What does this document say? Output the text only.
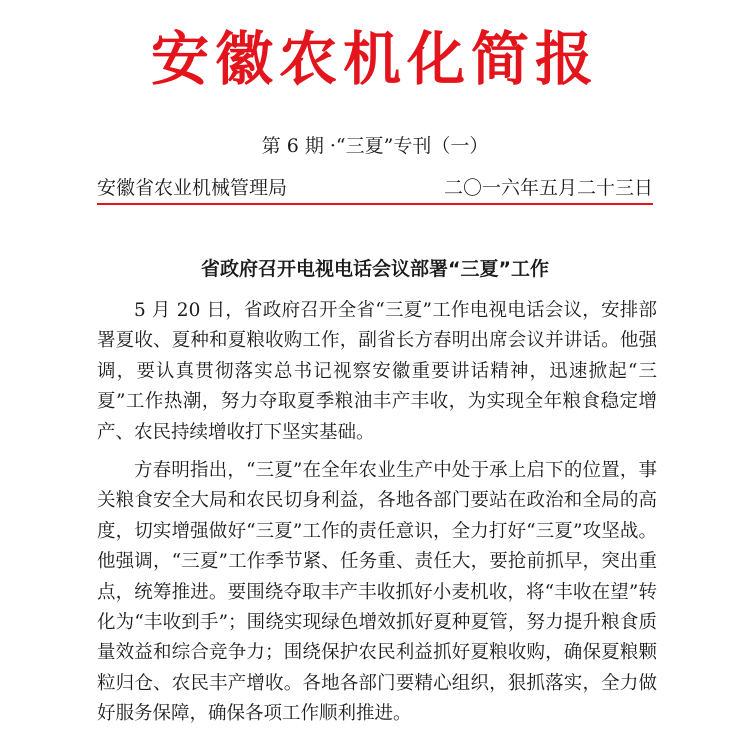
安徽农机化简报
第 6 期 ·“三夏”专刊（一）
安徽省农业机械管理局	二〇一六年五月二十三日
省政府召开电视电话会议部署“三夏”工作

5 月 20 日，省政府召开全省“三夏”工作电视电话会议，安排部署夏收、夏种和夏粮收购工作，副省长方春明出席会议并讲话。他强调，要认真贯彻落实总书记视察安徽重要讲话精神，迅速掀起“三夏”工作热潮，努力夺取夏季粮油丰产丰收，为实现全年粮食稳定增产、农民持续增收打下坚实基础。

方春明指出，“三夏”在全年农业生产中处于承上启下的位置，事关粮食安全大局和农民切身利益，各地各部门要站在政治和全局的高度，切实增强做好“三夏”工作的责任意识，全力打好“三夏”攻坚战。他强调，“三夏”工作季节紧、任务重、责任大，要抢前抓早，突出重点，统筹推进。要围绕夺取丰产丰收抓好小麦机收，将“丰收在望”转化为“丰收到手”；围绕实现绿色增效抓好夏种夏管，努力提升粮食质量效益和综合竞争力；围绕保护农民利益抓好夏粮收购，确保夏粮颗粒归仓、农民丰产增收。各地各部门要精心组织，狠抓落实，全力做好服务保障，确保各项工作顺利推进。
